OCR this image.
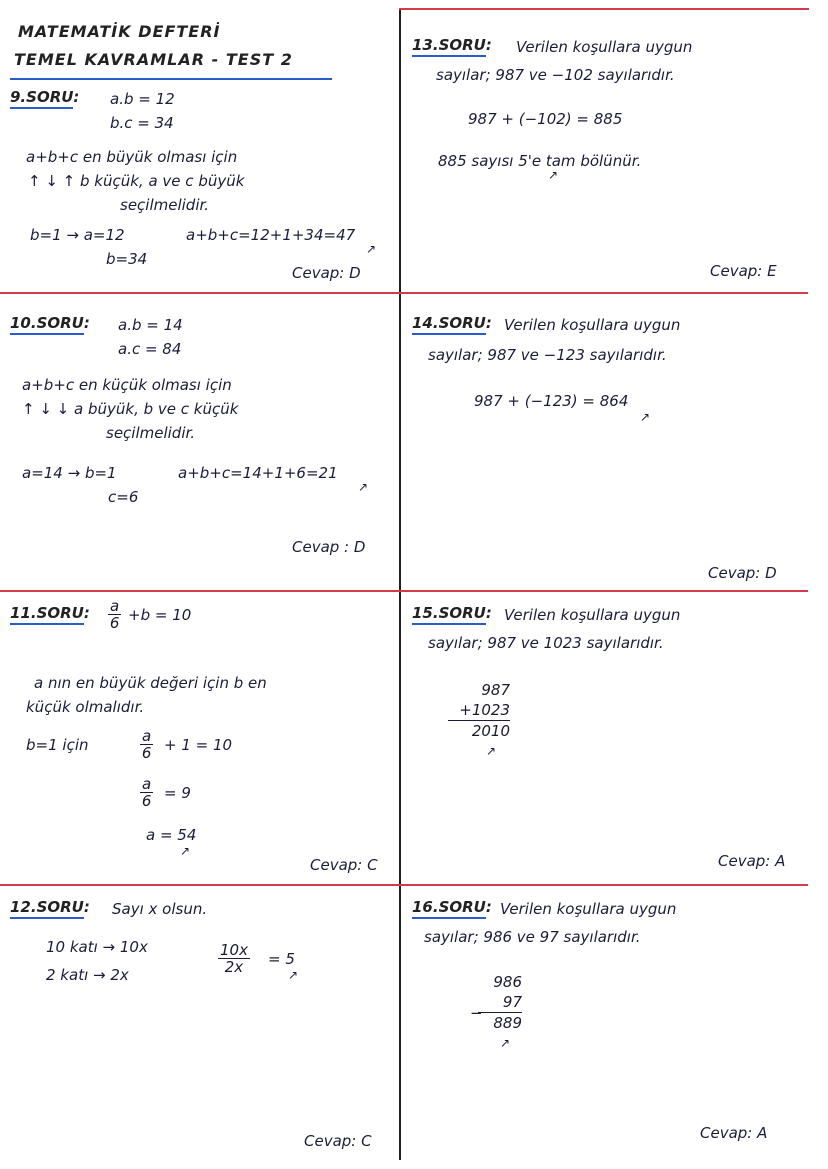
MATEMATİK DEFTERİ
TEMEL KAVRAMLAR - TEST 2
9.SORU: a.b = 12
b.c = 34
a+b+c en büyük olması için
↑ ↓ ↑ b küçük, a ve c büyük
seçilmelidir.
b=1 → a=12	a+b+c=12+1+34=47
↗
b=34
Cevap: D
10.SORU: a.b = 14
a.c = 84
a+b+c en küçük olması için
↑ ↓ ↓ a büyük, b ve c küçük
seçilmelidir.
a=14 → b=1	a+b+c=14+1+6=21
↗
c=6
Cevap : D
11.SORU: $\frac{a}{6} +b = 10$
a nın en büyük değeri için b en
küçük olmalıdır.
b=1 için	$\frac{a}{6} + 1 = 10$
$\frac{a}{6} = 9$
a = 54
↗
Cevap: C
12.SORU: Sayı x olsun.
10 katı → 10x
2 katı → 2x	$\frac{10x}{2x} = 5$
↗
Cevap: C
13.SORU: Verilen koşullara uygun
sayılar; 987 ve −102 sayılarıdır.
987 + (−102) = 885
885 sayısı 5'e tam bölünür.
↗
Cevap: E
14.SORU: Verilen koşullara uygun
sayılar; 987 ve −123 sayılarıdır.
987 + (−123) = 864
↗
Cevap: D
15.SORU: Verilen koşullara uygun
sayılar; 987 ve 1023 sayılarıdır.
987
+1023
2010
↗
Cevap: A
16.SORU: Verilen koşullara uygun
sayılar; 986 ve 97 sayılarıdır.
986
97
889
−
↗
Cevap: A
